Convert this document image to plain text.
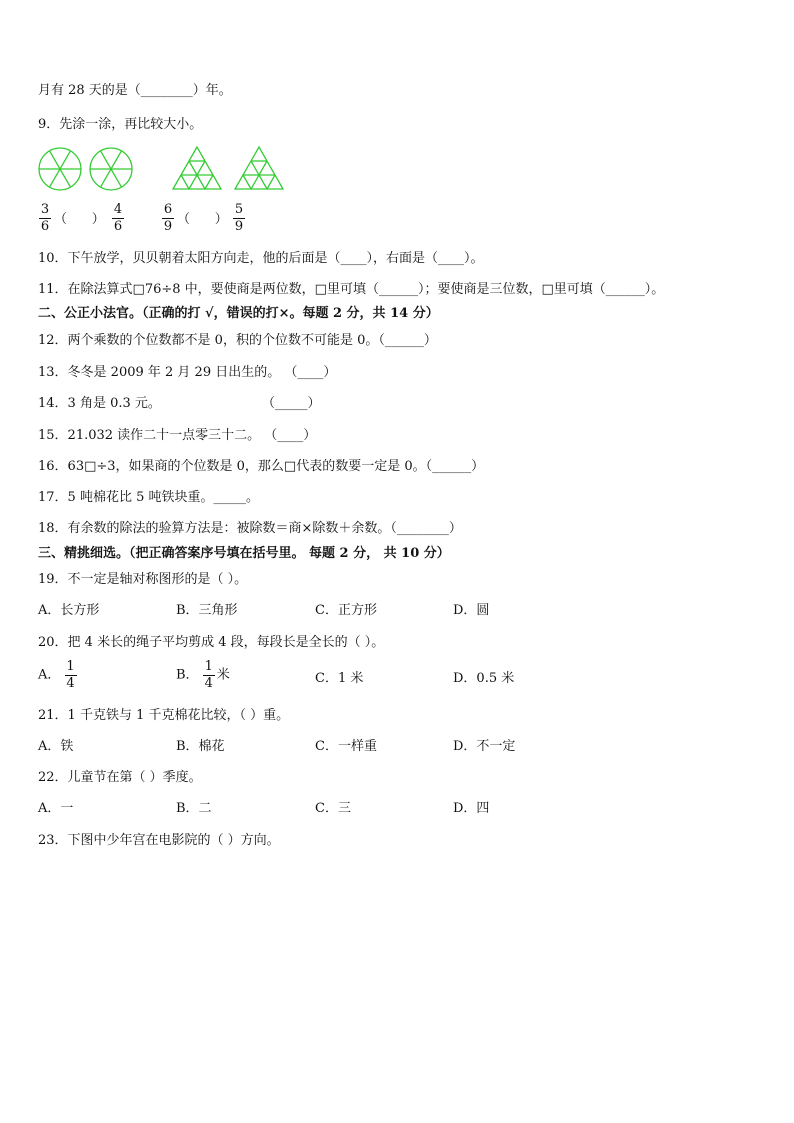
月有 28 天的是（________）年。
9．先涂一涂，再比较大小。
3
6 （      ）
4
6
6
9 （      ）
5
9
10．下午放学，贝贝朝着太阳方向走，他的后面是（____），右面是（____）。
11．在除法算式□76÷8 中，要使商是两位数，□里可填（______）；要使商是三位数，□里可填（______）。
二、公正小法官。（正确的打 √，错误的打×。每题 2 分，共 14 分）
12．两个乘数的个位数都不是 0，积的个位数不可能是 0。（______）
13．冬冬是 2009 年 2 月 29 日出生的。 （____）
14．3 角是 0.3 元。	（_____）
15．21.032 读作二十一点零三十二。 （____）
16．63□÷3，如果商的个位数是 0，那么□代表的数要一定是 0。（______）
17．5 吨棉花比 5 吨铁块重。_____。
18．有余数的除法的验算方法是：被除数＝商×除数＋余数。（________）
三、精挑细选。（把正确答案序号填在括号里。 每题 2 分， 共 10 分）
19．不一定是轴对称图形的是（ ）。
A．长方形	B．三角形	C．正方形	D．圆
20．把 4 米长的绳子平均剪成 4 段，每段长是全长的（ ）。
A． $\frac{1}{4}$	B． $\frac{1}{4}$ 米	C．1 米	D．0.5 米
21．1 千克铁与 1 千克棉花比较，（ ）重。
A．铁	B．棉花	C．一样重	D．不一定
22．儿童节在第（ ）季度。
A．一	B．二	C．三	D．四
23．下图中少年宫在电影院的（ ）方向。
